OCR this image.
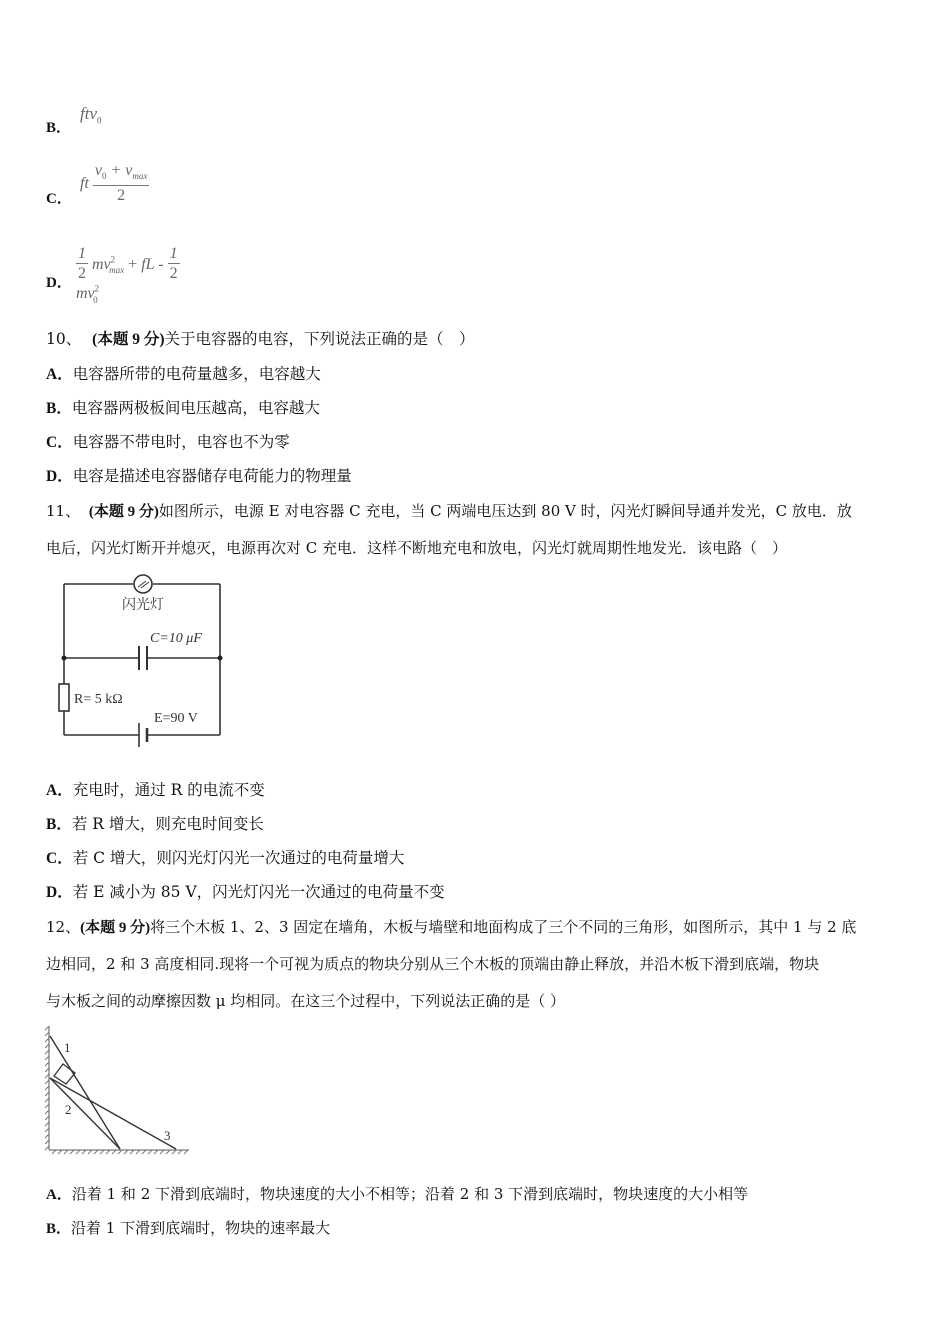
B．
ftv$_0$
C．
ft $\frac{v_0 + v_{max}}{2}$
D． $\frac{1}{2} mv^2_{max}$ + fL - $\frac{1}{2}$
$mv^2_0$
10、 (本题 9 分)关于电容器的电容，下列说法正确的是（　）
A．电容器所带的电荷量越多，电容越大
B．电容器两极板间电压越高，电容越大
C．电容器不带电时，电容也不为零
D．电容是描述电容器储存电荷能力的物理量
11、 (本题 9 分)如图所示，电源 E 对电容器 C 充电，当 C 两端电压达到 80 V 时，闪光灯瞬间导通并发光，C 放电．放
电后，闪光灯断开并熄灭，电源再次对 C 充电．这样不断地充电和放电，闪光灯就周期性地发光．该电路（　）
闪光灯
C=10 μF
R= 5 kΩ
E=90 V
A．充电时，通过 R 的电流不变
B．若 R 增大，则充电时间变长
C．若 C 增大，则闪光灯闪光一次通过的电荷量增大
D．若 E 减小为 85 V，闪光灯闪光一次通过的电荷量不变
12、(本题 9 分)将三个木板 1、2、3 固定在墙角，木板与墙壁和地面构成了三个不同的三角形，如图所示，其中 1 与 2 底
边相同，2 和 3 高度相同.现将一个可视为质点的物块分别从三个木板的顶端由静止释放，并沿木板下滑到底端，物块
与木板之间的动摩擦因数 μ 均相同。在这三个过程中，下列说法正确的是（ ）
1
2
3
A．沿着 1 和 2 下滑到底端时，物块速度的大小不相等；沿着 2 和 3 下滑到底端时，物块速度的大小相等
B．沿着 1 下滑到底端时，物块的速率最大
